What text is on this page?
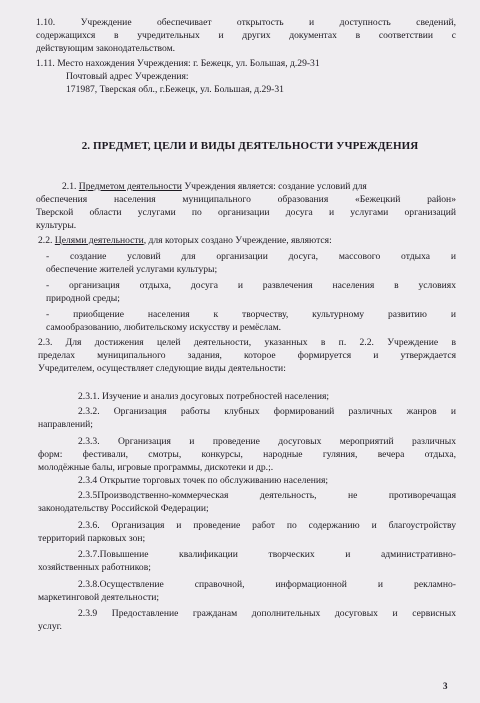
1.10. Учреждение обеспечивает открытость и доступность сведений,
содержащихся в учредительных и других документах в соответствии с
действующим законодательством.
1.11. Место нахождения Учреждения: г. Бежецк, ул. Большая, д.29-31
Почтовый адрес Учреждения:
171987, Тверская обл., г.Бежецк, ул. Большая, д.29-31
2. ПРЕДМЕТ, ЦЕЛИ И ВИДЫ ДЕЯТЕЛЬНОСТИ УЧРЕЖДЕНИЯ
2.1. Предметом деятельности Учреждения является: создание условий для
обеспечения населения муниципального образования «Бежецкий район»
Тверской области услугами по организации досуга и услугами организаций
культуры.
2.2. Целями деятельности, для которых создано Учреждение, являются:
- создание условий для организации досуга, массового отдыха и
обеспечение жителей услугами культуры;
- организация отдыха, досуга и развлечения населения в условиях
природной среды;
- приобщение населения к творчеству, культурному развитию и
самообразованию, любительскому искусству и ремёслам.
2.3. Для достижения целей деятельности, указанных в п. 2.2. Учреждение в
пределах муниципального задания, которое формируется и утверждается
Учредителем, осуществляет следующие виды деятельности:
2.3.1. Изучение и анализ досуговых потребностей населения;
2.3.2. Организация работы клубных формирований различных жанров и
направлений;
2.3.3. Организация и проведение досуговых мероприятий различных
форм: фестивали, смотры, конкурсы, народные гуляния, вечера отдыха,
молодёжные балы, игровые программы, дискотеки и др.;.
2.3.4 Открытие торговых точек по обслуживанию населения;
2.3.5Производственно-коммерческая деятельность, не противоречащая
законодательству Российской Федерации;
2.3.6. Организация и проведение работ по содержанию и благоустройству
территорий парковых зон;
2.3.7.Повышение квалификации творческих и административно-
хозяйственных работников;
2.3.8.Осуществление справочной, информационной и рекламно-
маркетинговой деятельности;
2.3.9 Предоставление гражданам дополнительных досуговых и сервисных
услуг.
3
